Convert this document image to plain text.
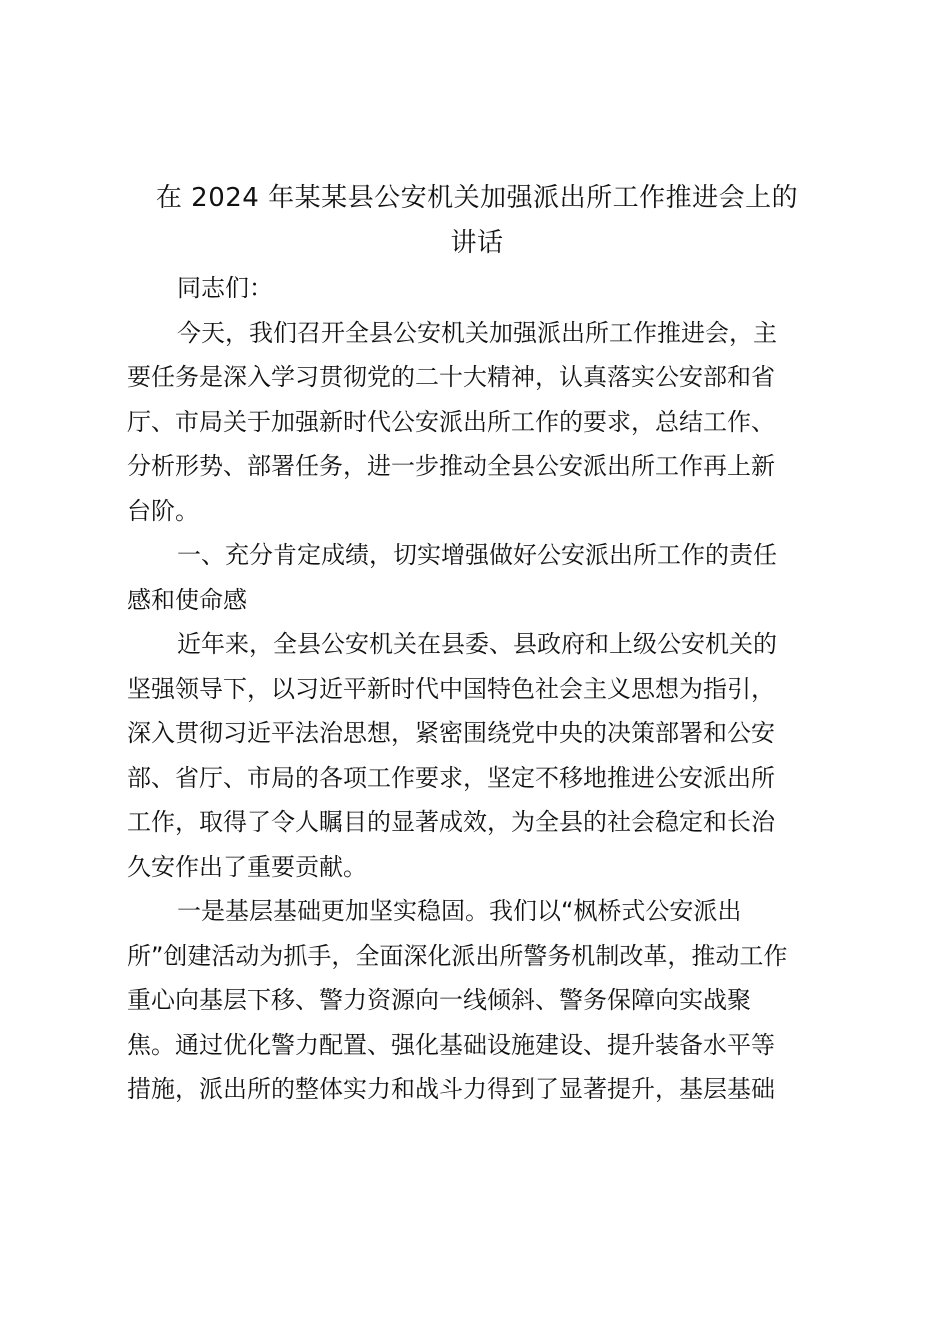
在 2024 年某某县公安机关加强派出所工作推进会上的
讲话

同志们：

今天，我们召开全县公安机关加强派出所工作推进会，主
要任务是深入学习贯彻党的二十大精神，认真落实公安部和省
厅、市局关于加强新时代公安派出所工作的要求，总结工作、
分析形势、部署任务，进一步推动全县公安派出所工作再上新
台阶。

一、充分肯定成绩，切实增强做好公安派出所工作的责任
感和使命感

近年来，全县公安机关在县委、县政府和上级公安机关的
坚强领导下，以习近平新时代中国特色社会主义思想为指引，
深入贯彻习近平法治思想，紧密围绕党中央的决策部署和公安
部、省厅、市局的各项工作要求，坚定不移地推进公安派出所
工作，取得了令人瞩目的显著成效，为全县的社会稳定和长治
久安作出了重要贡献。

一是基层基础更加坚实稳固。我们以“枫桥式公安派出
所”创建活动为抓手，全面深化派出所警务机制改革，推动工作
重心向基层下移、警力资源向一线倾斜、警务保障向实战聚
焦。通过优化警力配置、强化基础设施建设、提升装备水平等
措施，派出所的整体实力和战斗力得到了显著提升，基层基础
